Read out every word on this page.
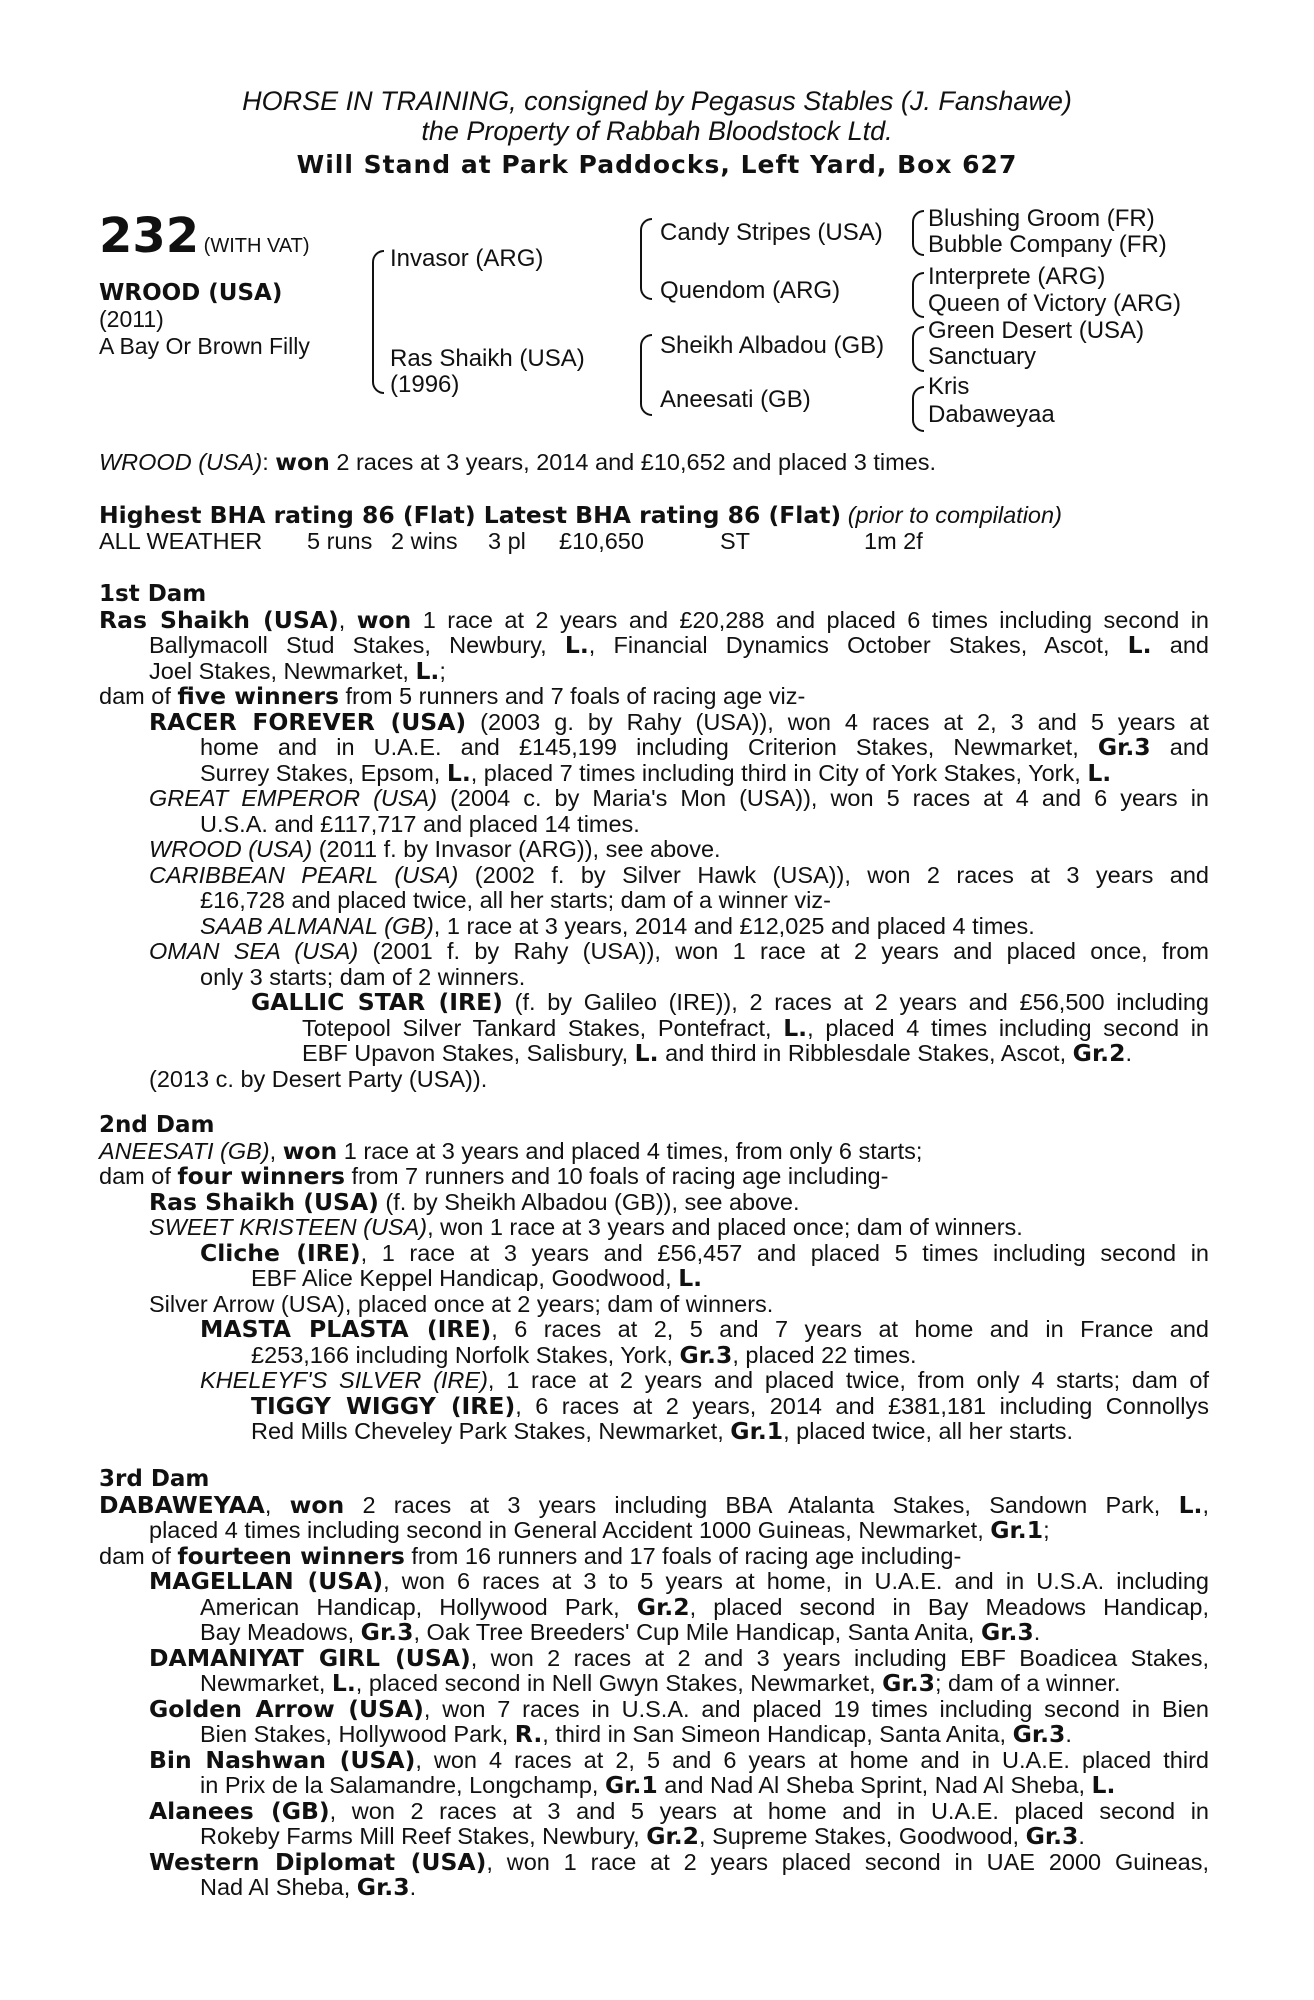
HORSE IN TRAINING, consigned by Pegasus Stables (J. Fanshawe)
the Property of Rabbah Bloodstock Ltd.
Will Stand at Park Paddocks, Left Yard, Box 627
232 (WITH VAT)
WROOD (USA)
(2011)
A Bay Or Brown Filly
Invasor (ARG)
Ras Shaikh (USA)
(1996)
Candy Stripes (USA)
Quendom (ARG)
Sheikh Albadou (GB)
Aneesati (GB)
Blushing Groom (FR)
Bubble Company (FR)
Interprete (ARG)
Queen of Victory (ARG)
Green Desert (USA)
Sanctuary
Kris
Dabaweyaa
WROOD (USA): won 2 races at 3 years, 2014 and £10,652 and placed 3 times.
Highest BHA rating 86 (Flat) Latest BHA rating 86 (Flat) (prior to compilation)
ALL WEATHER 5 runs 2 wins 3 pl £10,650	ST	1m 2f
1st Dam
Ras Shaikh (USA), won 1 race at 2 years and £20,288 and placed 6 times including second in
Ballymacoll Stud Stakes, Newbury, L., Financial Dynamics October Stakes, Ascot, L. and
Joel Stakes, Newmarket, L.;
dam of five winners from 5 runners and 7 foals of racing age viz-
RACER FOREVER (USA) (2003 g. by Rahy (USA)), won 4 races at 2, 3 and 5 years at
home and in U.A.E. and £145,199 including Criterion Stakes, Newmarket, Gr.3 and
Surrey Stakes, Epsom, L., placed 7 times including third in City of York Stakes, York, L.
GREAT EMPEROR (USA) (2004 c. by Maria's Mon (USA)), won 5 races at 4 and 6 years in
U.S.A. and £117,717 and placed 14 times.
WROOD (USA) (2011 f. by Invasor (ARG)), see above.
CARIBBEAN PEARL (USA) (2002 f. by Silver Hawk (USA)), won 2 races at 3 years and
£16,728 and placed twice, all her starts; dam of a winner viz-
SAAB ALMANAL (GB), 1 race at 3 years, 2014 and £12,025 and placed 4 times.
OMAN SEA (USA) (2001 f. by Rahy (USA)), won 1 race at 2 years and placed once, from
only 3 starts; dam of 2 winners.
GALLIC STAR (IRE) (f. by Galileo (IRE)), 2 races at 2 years and £56,500 including
Totepool Silver Tankard Stakes, Pontefract, L., placed 4 times including second in
EBF Upavon Stakes, Salisbury, L. and third in Ribblesdale Stakes, Ascot, Gr.2.
(2013 c. by Desert Party (USA)).
2nd Dam
ANEESATI (GB), won 1 race at 3 years and placed 4 times, from only 6 starts;
dam of four winners from 7 runners and 10 foals of racing age including-
Ras Shaikh (USA) (f. by Sheikh Albadou (GB)), see above.
SWEET KRISTEEN (USA), won 1 race at 3 years and placed once; dam of winners.
Cliche (IRE), 1 race at 3 years and £56,457 and placed 5 times including second in
EBF Alice Keppel Handicap, Goodwood, L.
Silver Arrow (USA), placed once at 2 years; dam of winners.
MASTA PLASTA (IRE), 6 races at 2, 5 and 7 years at home and in France and
£253,166 including Norfolk Stakes, York, Gr.3, placed 22 times.
KHELEYF'S SILVER (IRE), 1 race at 2 years and placed twice, from only 4 starts; dam of
TIGGY WIGGY (IRE), 6 races at 2 years, 2014 and £381,181 including Connollys
Red Mills Cheveley Park Stakes, Newmarket, Gr.1, placed twice, all her starts.
3rd Dam
DABAWEYAA, won 2 races at 3 years including BBA Atalanta Stakes, Sandown Park, L.,
placed 4 times including second in General Accident 1000 Guineas, Newmarket, Gr.1;
dam of fourteen winners from 16 runners and 17 foals of racing age including-
MAGELLAN (USA), won 6 races at 3 to 5 years at home, in U.A.E. and in U.S.A. including
American Handicap, Hollywood Park, Gr.2, placed second in Bay Meadows Handicap,
Bay Meadows, Gr.3, Oak Tree Breeders' Cup Mile Handicap, Santa Anita, Gr.3.
DAMANIYAT GIRL (USA), won 2 races at 2 and 3 years including EBF Boadicea Stakes,
Newmarket, L., placed second in Nell Gwyn Stakes, Newmarket, Gr.3; dam of a winner.
Golden Arrow (USA), won 7 races in U.S.A. and placed 19 times including second in Bien
Bien Stakes, Hollywood Park, R., third in San Simeon Handicap, Santa Anita, Gr.3.
Bin Nashwan (USA), won 4 races at 2, 5 and 6 years at home and in U.A.E. placed third
in Prix de la Salamandre, Longchamp, Gr.1 and Nad Al Sheba Sprint, Nad Al Sheba, L.
Alanees (GB), won 2 races at 3 and 5 years at home and in U.A.E. placed second in
Rokeby Farms Mill Reef Stakes, Newbury, Gr.2, Supreme Stakes, Goodwood, Gr.3.
Western Diplomat (USA), won 1 race at 2 years placed second in UAE 2000 Guineas,
Nad Al Sheba, Gr.3.
